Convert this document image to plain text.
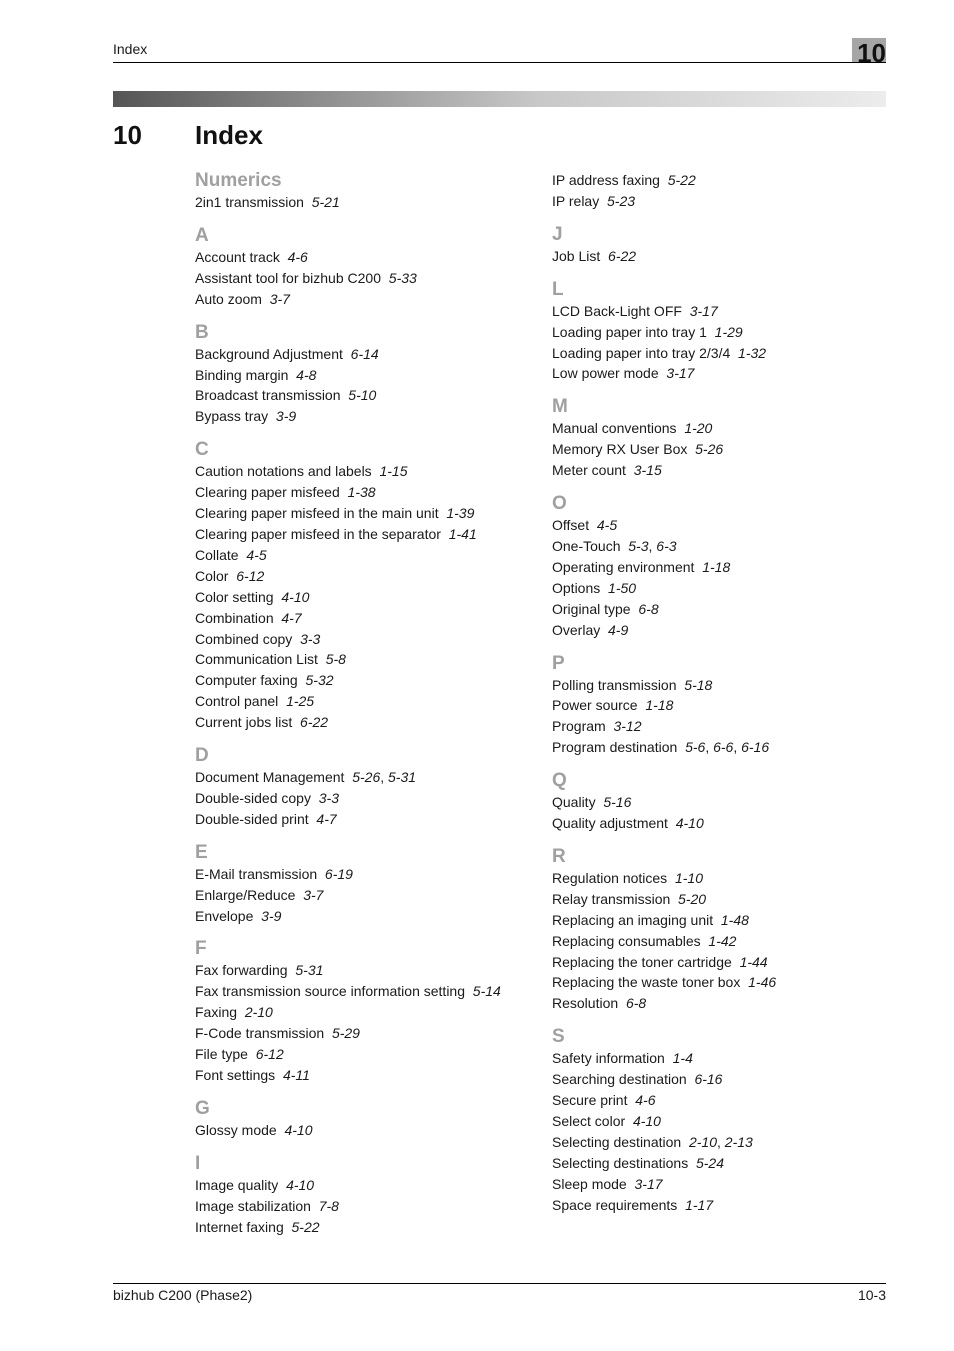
Index	10
10 Index
Numerics
2in1 transmission 5-21
A
Account track 4-6
Assistant tool for bizhub C200 5-33
Auto zoom 3-7
B
Background Adjustment 6-14
Binding margin 4-8
Broadcast transmission 5-10
Bypass tray 3-9
C
Caution notations and labels 1-15
Clearing paper misfeed 1-38
Clearing paper misfeed in the main unit 1-39
Clearing paper misfeed in the separator 1-41
Collate 4-5
Color 6-12
Color setting 4-10
Combination 4-7
Combined copy 3-3
Communication List 5-8
Computer faxing 5-32
Control panel 1-25
Current jobs list 6-22
D
Document Management 5-26, 5-31
Double-sided copy 3-3
Double-sided print 4-7
E
E-Mail transmission 6-19
Enlarge/Reduce 3-7
Envelope 3-9
F
Fax forwarding 5-31
Fax transmission source information setting 5-14
Faxing 2-10
F-Code transmission 5-29
File type 6-12
Font settings 4-11
G
Glossy mode 4-10
I
Image quality 4-10
Image stabilization 7-8
Internet faxing 5-22
IP address faxing 5-22
IP relay 5-23
J
Job List 6-22
L
LCD Back-Light OFF 3-17
Loading paper into tray 1 1-29
Loading paper into tray 2/3/4 1-32
Low power mode 3-17
M
Manual conventions 1-20
Memory RX User Box 5-26
Meter count 3-15
O
Offset 4-5
One-Touch 5-3, 6-3
Operating environment 1-18
Options 1-50
Original type 6-8
Overlay 4-9
P
Polling transmission 5-18
Power source 1-18
Program 3-12
Program destination 5-6, 6-6, 6-16
Q
Quality 5-16
Quality adjustment 4-10
R
Regulation notices 1-10
Relay transmission 5-20
Replacing an imaging unit 1-48
Replacing consumables 1-42
Replacing the toner cartridge 1-44
Replacing the waste toner box 1-46
Resolution 6-8
S
Safety information 1-4
Searching destination 6-16
Secure print 4-6
Select color 4-10
Selecting destination 2-10, 2-13
Selecting destinations 5-24
Sleep mode 3-17
Space requirements 1-17
bizhub C200 (Phase2)	10-3
